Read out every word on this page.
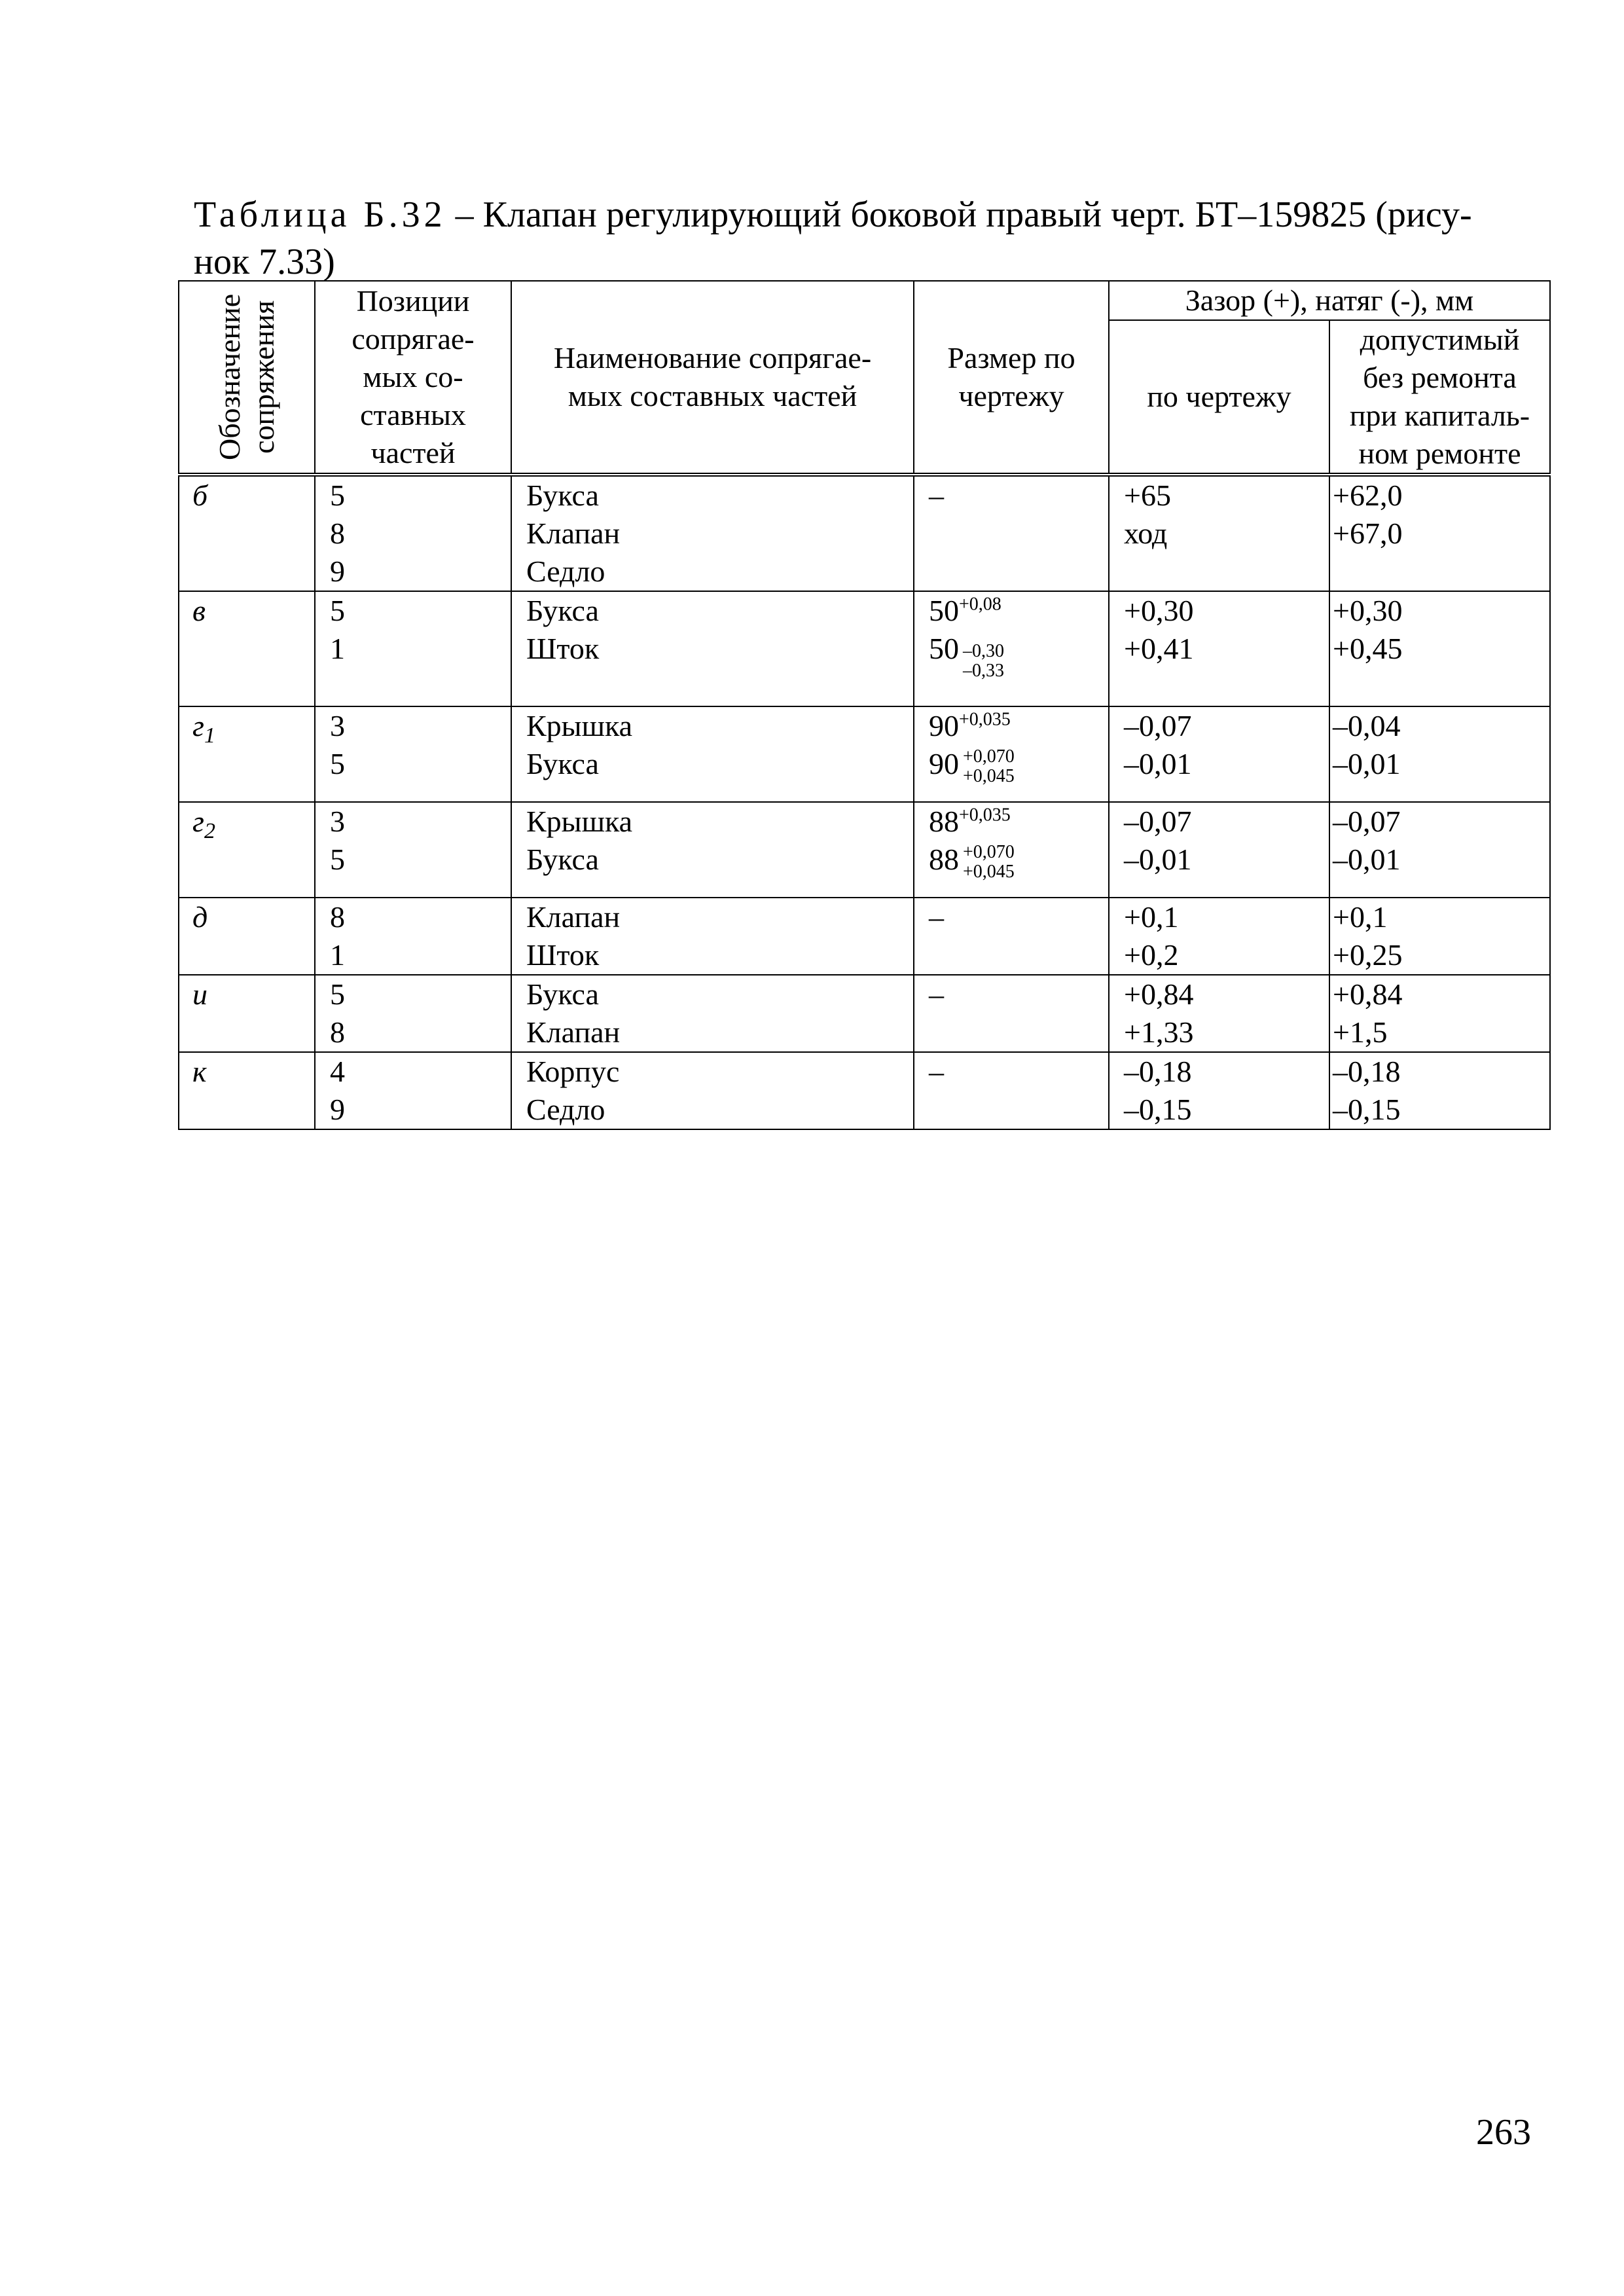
Таблица Б.32 – Клапан регулирующий боковой правый черт. БТ–159825 (рису-
нок 7.33)
Обозначение сопряжения	Позиции
сопрягае-
мых со-
ставных
частей	Наименование сопрягае-
мых составных частей	Размер по
чертежу	Зазор (+), натяг (-), мм	
				по чертежу	допустимый
без ремонта
при капиталь-
ном ремонте

б	5
8
9	Букса
Клапан
Седло	–	+65
ход	+62,0
+67,0

в	5
1	Букса
Шток	$50^{+0,08}$
50 –0,30
–0,33	+0,30
+0,41	+0,30
+0,45

$г_1$	3
5	Крышка
Букса	$90^{+0,035}$
90 +0,070
+0,045	–0,07
–0,01	–0,04
–0,01

$г_2$	3
5	Крышка
Букса	$88^{+0,035}$
88 +0,070
+0,045	–0,07
–0,01	–0,07
–0,01

д	8
1	Клапан
Шток	–	+0,1
+0,2	+0,1
+0,25

и	5
8	Букса
Клапан	–	+0,84
+1,33	+0,84
+1,5

к	4
9	Корпус
Седло	–	–0,18
–0,15	–0,18
–0,15
263
